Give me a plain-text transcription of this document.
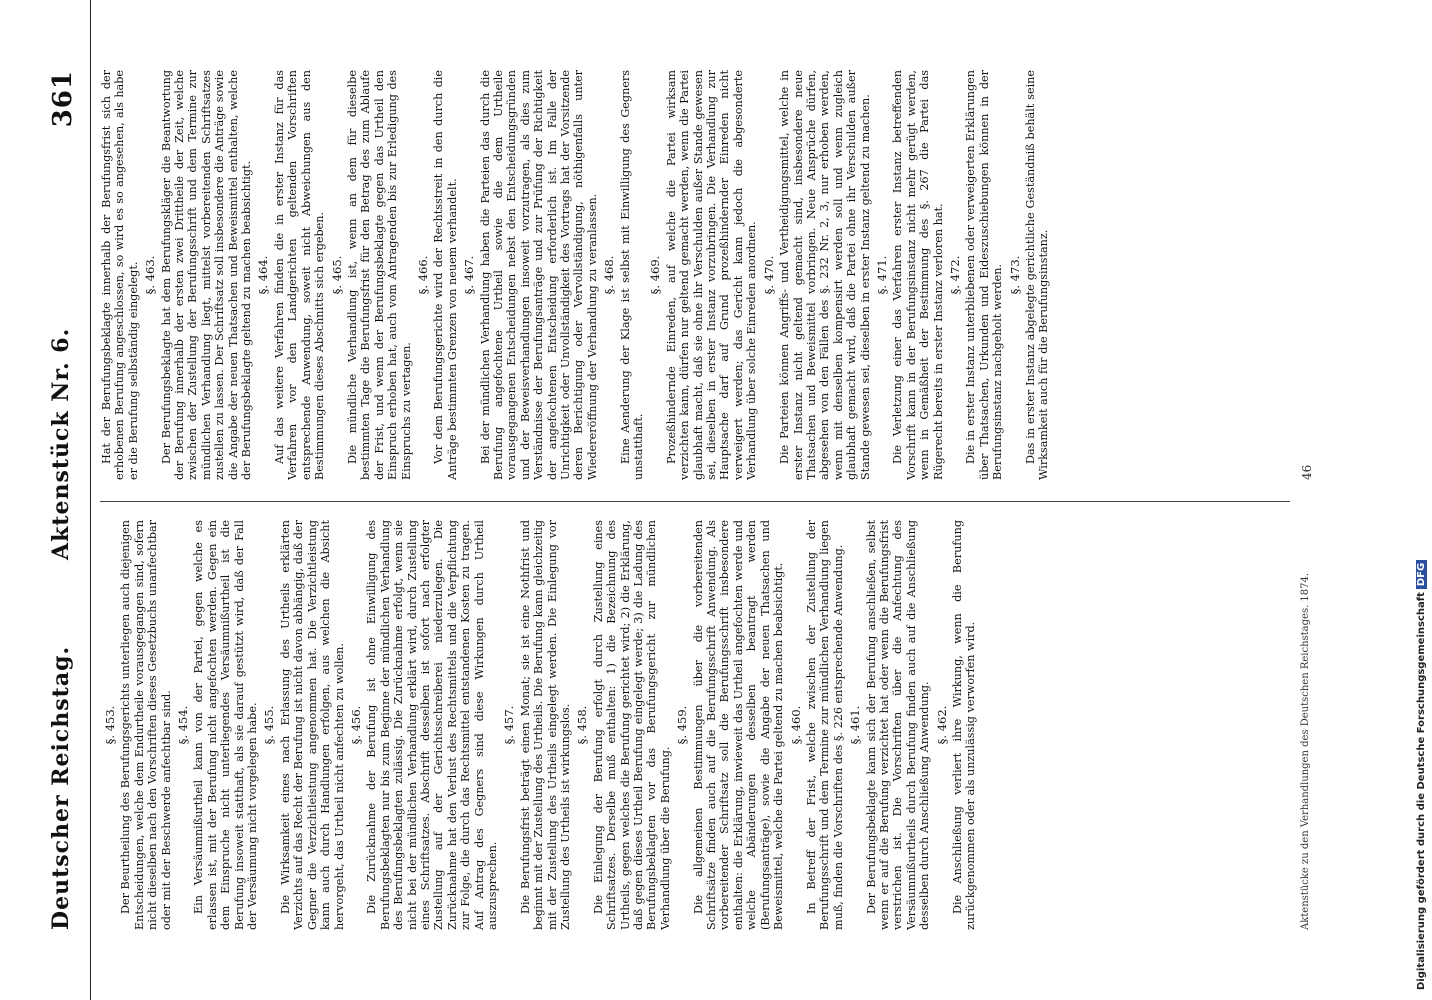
Deutscher Reichstag.
Aktenstück Nr. 6.
361
§. 453. Der Beurtheilung des Berufungsgerichts unterliegen auch diejenigen Entscheidungen, welche dem Endurtheile vorausgegangen sind, sofern nicht dieselben nach den Vorschriften dieses Gesetzbuchs unanfechtbar oder mit der Beschwerde anfechtbar sind. §. 454. Ein Versäumnißurtheil kann von der Partei, gegen welche es erlassen ist, mit der Berufung nicht angefochten werden. Gegen ein dem Einspruche nicht unterliegendes Versäumnißurtheil ist die Berufung insoweit statthaft, als sie darauf gestützt wird, daß der Fall der Versäumung nicht vorgelegen habe. §. 455. Die Wirksamkeit eines nach Erlassung des Urtheils erklärten Verzichts auf das Recht der Berufung ist nicht davon abhängig, daß der Gegner die Verzichtleistung angenommen hat. Die Verzichtleistung kann auch durch Handlungen erfolgen, aus welchen die Absicht hervorgeht, das Urtheil nicht anfechten zu wollen. §. 456. Die Zurücknahme der Berufung ist ohne Einwilligung des Berufungsbeklagten nur bis zum Beginne der mündlichen Verhandlung des Berufungsbeklagten zulässig. Die Zurücknahme erfolgt, wenn sie nicht bei der mündlichen Verhandlung erklärt wird, durch Zustellung eines Schriftsatzes. Abschrift desselben ist sofort nach erfolgter Zustellung auf der Gerichtsschreiberei niederzulegen. Die Zurücknahme hat den Verlust des Rechtsmittels und die Verpflichtung zur Folge, die durch das Rechtsmittel entstandenen Kosten zu tragen. Auf Antrag des Gegners sind diese Wirkungen durch Urtheil auszusprechen.

§. 457. Die Berufungsfrist beträgt einen Monat; sie ist eine Nothfrist und beginnt mit der Zustellung des Urtheils. Die Berufung kann gleichzeitig mit der Zustellung des Urtheils eingelegt werden. Die Einlegung vor Zustellung des Urtheils ist wirkungslos. §. 458. Die Einlegung der Berufung erfolgt durch Zustellung eines Schriftsatzes. Derselbe muß enthalten: 1) die Bezeichnung des Urtheils, gegen welches die Berufung gerichtet wird; 2) die Erklärung, daß gegen dieses Urtheil Berufung eingelegt werde; 3) die Ladung des Berufungsbeklagten vor das Berufungsgericht zur mündlichen Verhandlung über die Berufung.

§. 459. Die allgemeinen Bestimmungen über die vorbereitenden Schriftsätze finden auch auf die Berufungsschrift Anwendung. Als vorbereitender Schriftsatz soll die Berufungsschrift insbesondere enthalten: die Erklärung, inwieweit das Urtheil angefochten werde und welche Abänderungen desselben beantragt werden (Berufungsanträge), sowie die Angabe der neuen Thatsachen und Beweismittel, welche die Partei geltend zu machen beabsichtigt. §. 460. In Betreff der Frist, welche zwischen der Zustellung der Berufungsschrift und dem Termine zur mündlichen Verhandlung liegen muß, finden die Vorschriften des §. 226 entsprechende Anwendung. §. 461. Der Berufungsbeklagte kann sich der Berufung anschließen, selbst wenn er auf die Berufung verzichtet hat oder wenn die Berufungsfrist verstrichen ist. Die Vorschriften über die Anfechtung des Versäumnißurtheils durch Berufung finden auch auf die Anschließung desselben durch Anschließung Anwendung. §. 462. Die Anschließung verliert ihre Wirkung, wenn die Berufung zurückgenommen oder als unzulässig verworfen wird.

Hat der Berufungsbeklagte innerhalb der Berufungsfrist sich der erhobenen Berufung angeschlossen, so wird es so angesehen, als habe er die Berufung selbständig eingelegt. §. 463. Der Berufungsbeklagte hat dem Berufungskläger die Beantwortung der Berufung innerhalb der ersten zwei Drittheile der Zeit, welche zwischen der Zustellung der Berufungsschrift und dem Termine zur mündlichen Verhandlung liegt, mittelst vorbereitenden Schriftsatzes zustellen zu lassen. Der Schriftsatz soll insbesondere die Anträge sowie die Angabe der neuen Thatsachen und Beweismittel enthalten, welche der Berufungsbeklagte geltend zu machen beabsichtigt. §. 464. Auf das weitere Verfahren finden die in erster Instanz für das Verfahren vor den Landgerichten geltenden Vorschriften entsprechende Anwendung, soweit nicht Abweichungen aus den Bestimmungen dieses Abschnitts sich ergeben. §. 465. Die mündliche Verhandlung ist, wenn an dem für dieselbe bestimmten Tage die Berufungsfrist für den Betrag des zum Ablaufe der Frist, und wenn der Berufungsbeklagte gegen das Urtheil den Einspruch erhoben hat, auch vom Antragenden bis zur Erledigung des Einspruchs zu vertagen.

§. 466. Vor dem Berufungsgerichte wird der Rechtsstreit in den durch die Anträge bestimmten Grenzen von neuem verhandelt. §. 467. Bei der mündlichen Verhandlung haben die Parteien das durch die Berufung angefochtene Urtheil sowie die dem Urtheile vorausgegangenen Entscheidungen nebst den Entscheidungsgründen und der Beweisverhandlungen insoweit vorzutragen, als dies zum Verständnisse der Berufungsanträge und zur Prüfung der Richtigkeit der angefochtenen Entscheidung erforderlich ist. Im Falle der Unrichtigkeit oder Unvollständigkeit des Vortrags hat der Vorsitzende deren Berichtigung oder Vervollständigung, nöthigenfalls unter Wiedereröffnung der Verhandlung zu veranlassen. §. 468. Eine Aenderung der Klage ist selbst mit Einwilligung des Gegners unstatthaft.

§. 469. Prozeßhindernde Einreden, auf welche die Partei wirksam verzichten kann, dürfen nur geltend gemacht werden, wenn die Partei glaubhaft macht, daß sie ohne ihr Verschulden außer Stande gewesen sei, dieselben in erster Instanz vorzubringen. Die Verhandlung zur Hauptsache darf auf Grund prozeßhindernder Einreden nicht verweigert werden; das Gericht kann jedoch die abgesonderte Verhandlung über solche Einreden anordnen. §. 470. Die Parteien können Angriffs- und Vertheidigungsmittel, welche in erster Instanz nicht geltend gemacht sind, insbesondere neue Thatsachen und Beweismittel vorbringen. Neue Ansprüche dürfen, abgesehen von den Fällen des §. 232 Nr. 2, 3, nur erhoben werden, wenn mit denselben kompensirt werden soll und wenn zugleich glaubhaft gemacht wird, daß die Partei ohne ihr Verschulden außer Stande gewesen sei, dieselben in erster Instanz geltend zu machen. §. 471. Die Verletzung einer das Verfahren erster Instanz betreffenden Vorschrift kann in der Berufungsinstanz nicht mehr gerügt werden, wenn in Gemäßheit der Bestimmung des §. 267 die Partei das Rügerecht bereits in erster Instanz verloren hat. §. 472. Die in erster Instanz unterbliebenen oder verweigerten Erklärungen über Thatsachen, Urkunden und Eideszuschiebungen können in der Berufungsinstanz nachgeholt werden. §. 473. Das in erster Instanz abgelegte gerichtliche Geständniß behält seine Wirksamkeit auch für die Berufungsinstanz.

Aktenstücke zu den Verhandlungen des Deutschen Reichstages. 1874.
46
Digitalisierung gefördert durch die Deutsche ForschungsgemeinschaftDFG
